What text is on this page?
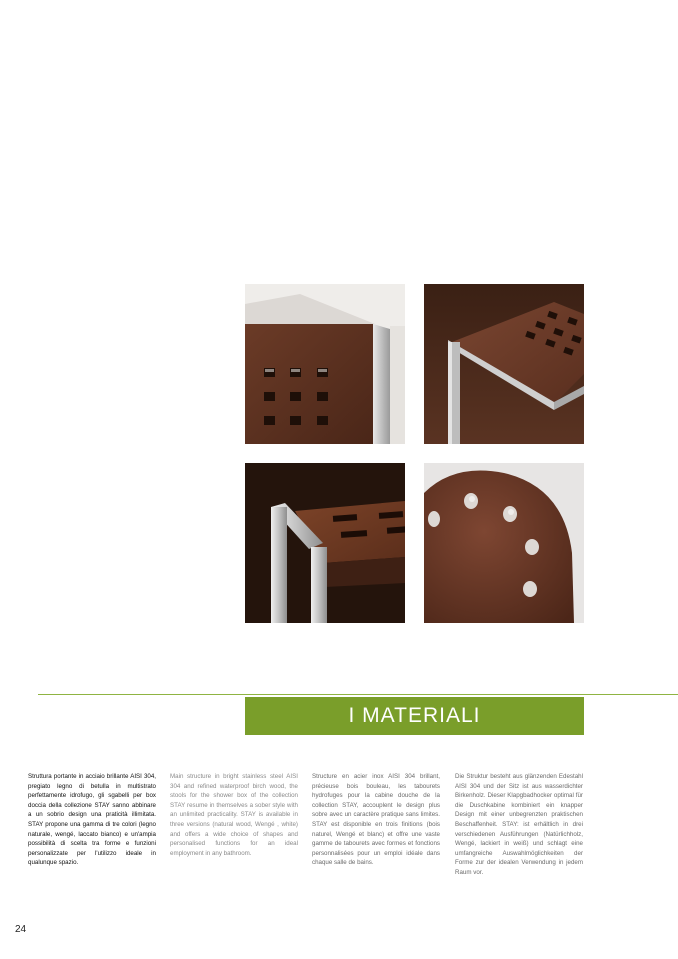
I MATERIALI
Struttura portante in acciaio brillante AISI 304, pregiato legno di betulla in multistrato perfettamente idrofugo, gli sgabelli per box doccia della collezione STAY sanno abbinare a un sobrio design una praticità illimitata. STAY propone una gamma di tre colori (legno naturale, wengé, laccato bianco) e un'ampia possibilità di scelta tra forme e funzioni personalizzate per l'utilizzo ideale in qualunque spazio.
Main structure in bright stainless steel AISI 304 and refined waterproof birch wood, the stools for the shower box of the collection STAY resume in themselves a sober style with an unlimited practicality. STAY is available in three versions (natural wood, Wengé , white) and offers a wide choice of shapes and personalised functions for an ideal employment in any bathroom.
Structure en acier inox AISI 304 brillant, précieuse bois bouleau, les tabourets hydrofuges pour la cabine douche de la collection STAY, accouplent le design plus sobre avec un caractère pratique sans limites. STAY est disponible en trois finitions (bois naturel, Wengé et blanc) et offre une vaste gamme de tabourets avec formes et fonctions personnalisées pour un emploi idéale dans chaque salle de bains.
Die Struktur besteht aus glänzenden Edestahl AISI 304 und der Sitz ist aus wasserdichter Birkenholz. Dieser Klapgbadhocker optimal für die Duschkabine kombiniert ein knapper Design mit einer unbegrenzten praktischen Beschaffenheit. STAY: ist erhältlich in drei verschiedenen Ausführungen (Natürlichholz, Wengé, lackiert in weiß) und schlagt eine umfangreiche Auswahlmöglichkeiten der Forme zur der idealen Verwendung in jedem Raum vor.
24
